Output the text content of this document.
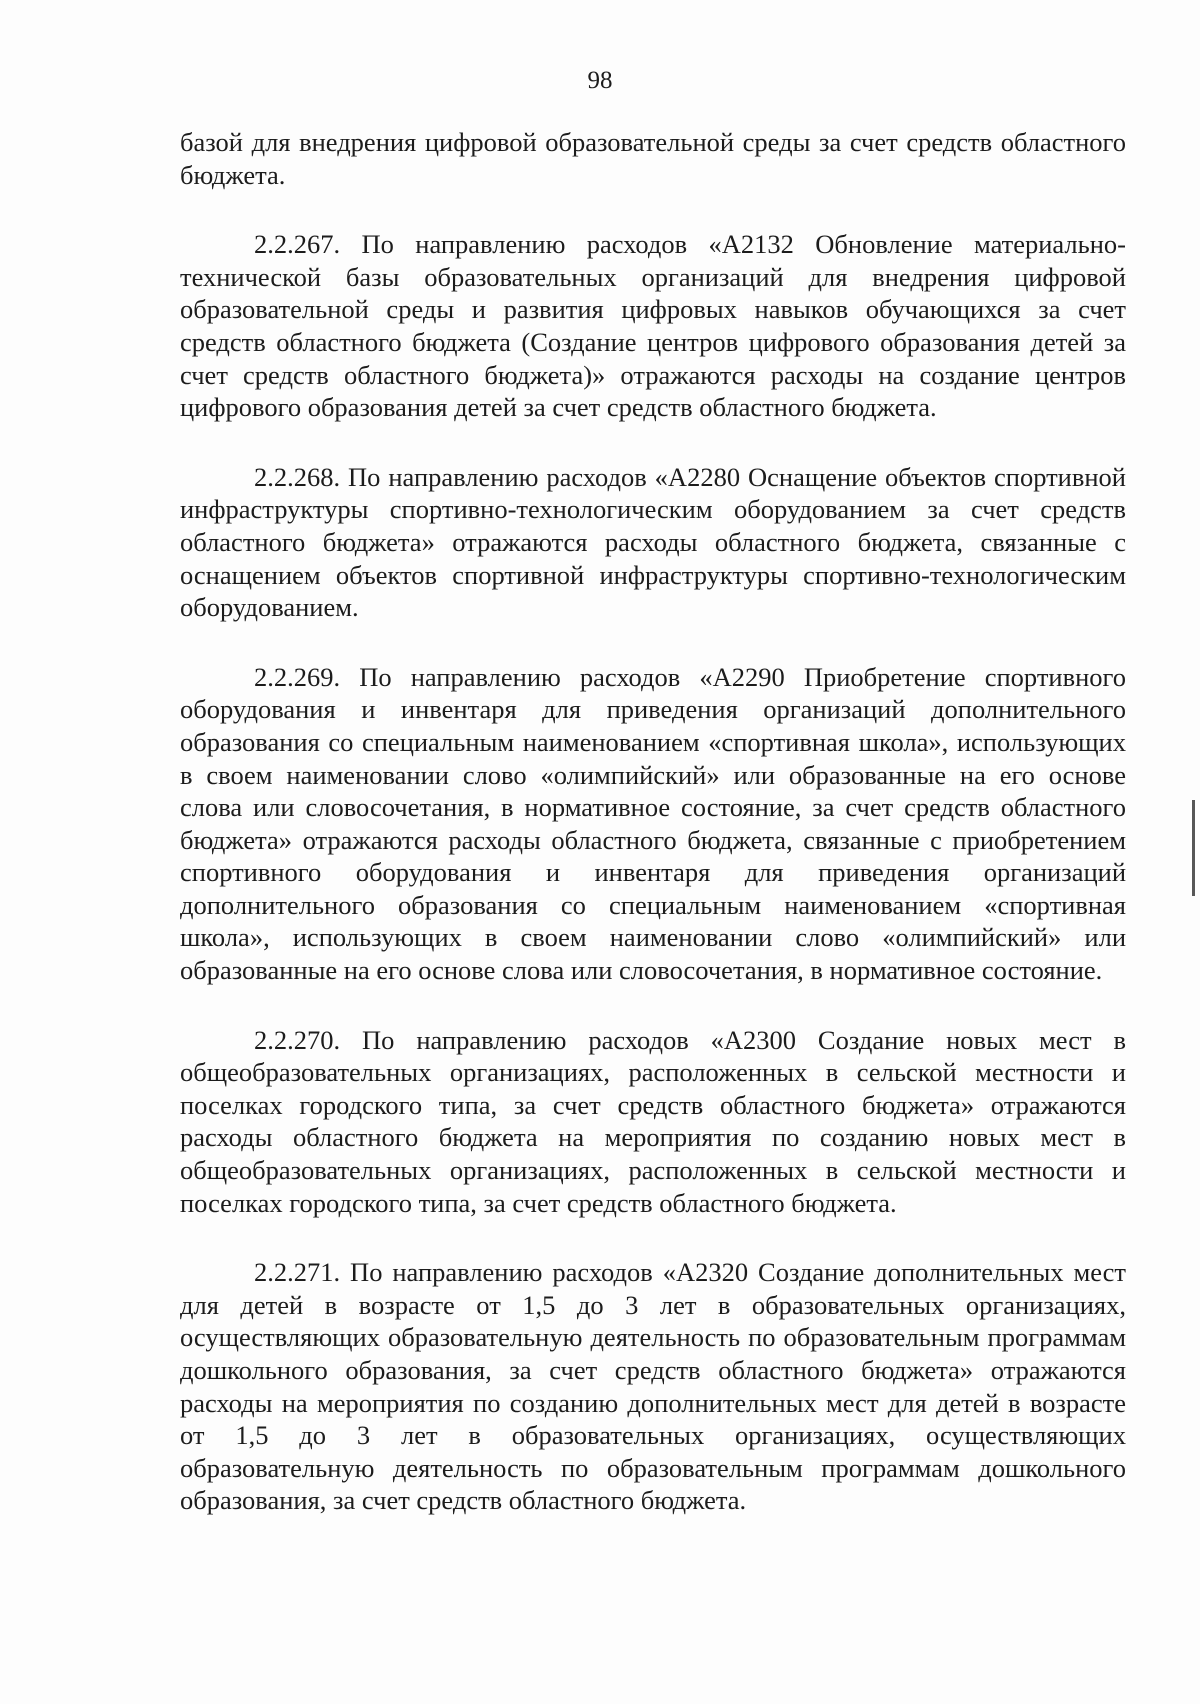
98

базой для внедрения цифровой образовательной среды за счет средств областного бюджета.

2.2.267. По направлению расходов «А2132 Обновление материально-технической базы образовательных организаций для внедрения цифровой образовательной среды и развития цифровых навыков обучающихся за счет средств областного бюджета (Создание центров цифрового образования детей за счет средств областного бюджета)» отражаются расходы на создание центров цифрового образования детей за счет средств областного бюджета.

2.2.268. По направлению расходов «А2280 Оснащение объектов спортивной инфраструктуры спортивно-технологическим оборудованием за счет средств областного бюджета» отражаются расходы областного бюджета, связанные с оснащением объектов спортивной инфраструктуры спортивно-технологическим оборудованием.

2.2.269. По направлению расходов «А2290 Приобретение спортивного оборудования и инвентаря для приведения организаций дополнительного образования со специальным наименованием «спортивная школа», использующих в своем наименовании слово «олимпийский» или образованные на его основе слова или словосочетания, в нормативное состояние, за счет средств областного бюджета» отражаются расходы областного бюджета, связанные с приобретением спортивного оборудования и инвентаря для приведения организаций дополнительного образования со специальным наименованием «спортивная школа», использующих в своем наименовании слово «олимпийский» или образованные на его основе слова или словосочетания, в нормативное состояние.

2.2.270. По направлению расходов «А2300 Создание новых мест в общеобразовательных организациях, расположенных в сельской местности и поселках городского типа, за счет средств областного бюджета» отражаются расходы областного бюджета на мероприятия по созданию новых мест в общеобразовательных организациях, расположенных в сельской местности и поселках городского типа, за счет средств областного бюджета.

2.2.271. По направлению расходов «А2320 Создание дополнительных мест для детей в возрасте от 1,5 до 3 лет в образовательных организациях, осуществляющих образовательную деятельность по образовательным программам дошкольного образования, за счет средств областного бюджета» отражаются расходы на мероприятия по созданию дополнительных мест для детей в возрасте от 1,5 до 3 лет в образовательных организациях, осуществляющих образовательную деятельность по образовательным программам дошкольного образования, за счет средств областного бюджета.
